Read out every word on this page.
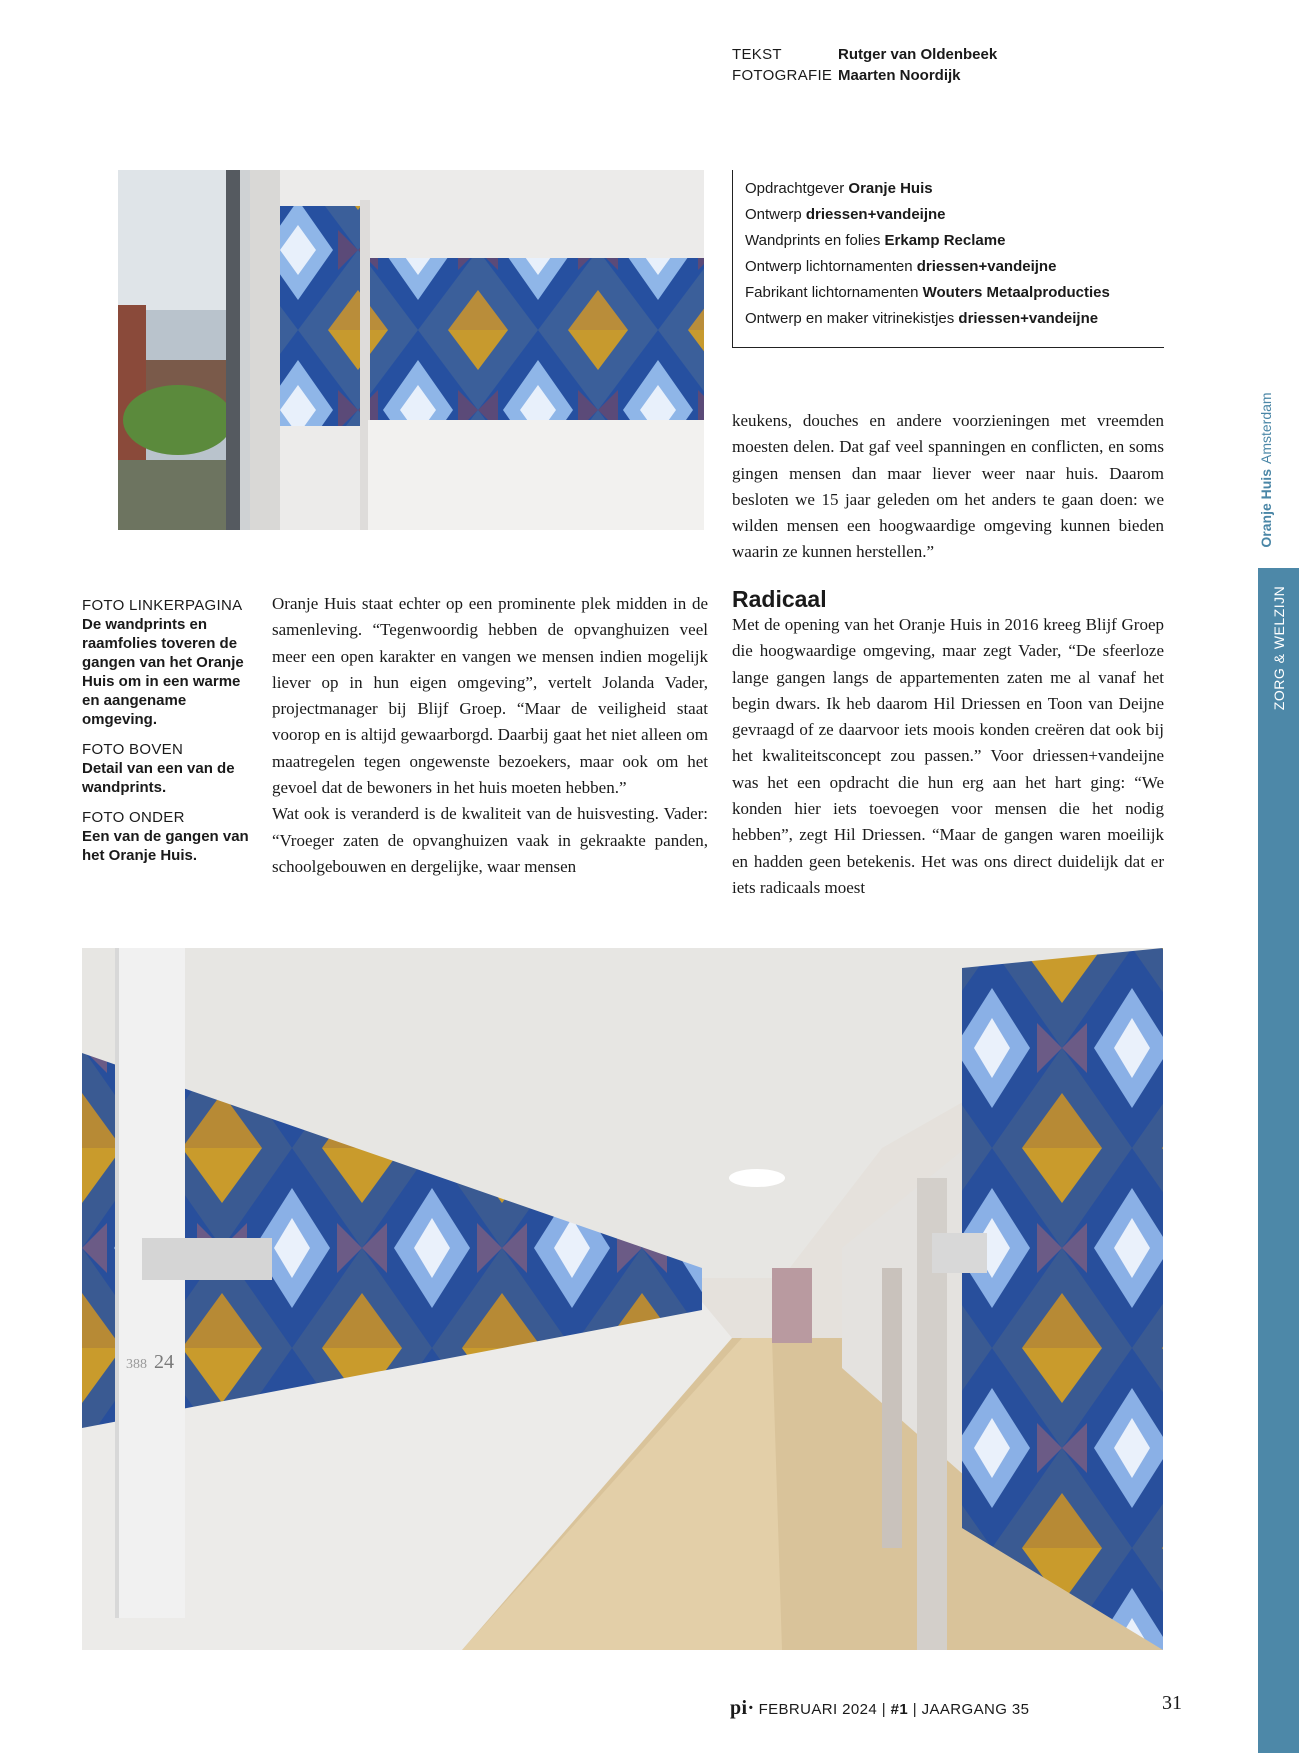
TEKST	Rutger van Oldenbeek
FOTOGRAFIE Maarten Noordijk
Opdrachtgever Oranje Huis
Ontwerp driessen+vandeijne
Wandprints en folies Erkamp Reclame
Ontwerp lichtornamenten driessen+vandeijne
Fabrikant lichtornamenten Wouters Metaalproducties
Ontwerp en maker vitrinekistjes driessen+vandeijne

keukens, douches en andere voorzieningen met vreemden moesten delen. Dat gaf veel spanningen en conflicten, en soms gingen mensen dan maar liever weer naar huis. Daarom besloten we 15 jaar geleden om het anders te gaan doen: we wilden mensen een hoogwaardige omgeving kunnen bieden waarin ze kunnen herstellen.”

FOTO LINKERPAGINA
De wandprints en raamfolies toveren de gangen van het Oranje Huis om in een warme en aangename omgeving.
FOTO BOVEN
Detail van een van de wandprints.
FOTO ONDER
Een van de gangen van het Oranje Huis.

Oranje Huis staat echter op een prominente plek midden in de samenleving. “Tegenwoordig hebben de opvanghuizen veel meer een open karakter en vangen we mensen indien mogelijk liever op in hun eigen omgeving”, vertelt Jolanda Vader, projectmanager bij Blijf Groep. “Maar de veiligheid staat voorop en is altijd gewaarborgd. Daarbij gaat het niet alleen om maatregelen tegen ongewenste bezoekers, maar ook om het gevoel dat de bewoners in het huis moeten hebben.”

Wat ook is veranderd is de kwaliteit van de huisvesting. Vader: “Vroeger zaten de opvanghuizen vaak in gekraakte panden, schoolgebouwen en dergelijke, waar mensen

Radicaal

Met de opening van het Oranje Huis in 2016 kreeg Blijf Groep die hoogwaardige omgeving, maar zegt Vader, “De sfeerloze lange gangen langs de appartementen zaten me al vanaf het begin dwars. Ik heb daarom Hil Driessen en Toon van Deijne gevraagd of ze daarvoor iets moois konden creëren dat ook bij het kwaliteitsconcept zou passen.” Voor driessen+vandeijne was het een opdracht die hun erg aan het hart ging: “We konden hier iets toevoegen voor mensen die het nodig hebben”, zegt Hil Driessen. “Maar de gangen waren moeilijk en hadden geen betekenis. Het was ons direct duidelijk dat er iets radicaals moest

388 24
Oranje Huis
Amsterdam
ZORG & WELZIJN
pi· FEBRUARI 2024
|
#1
|
JAARGANG 35	31
